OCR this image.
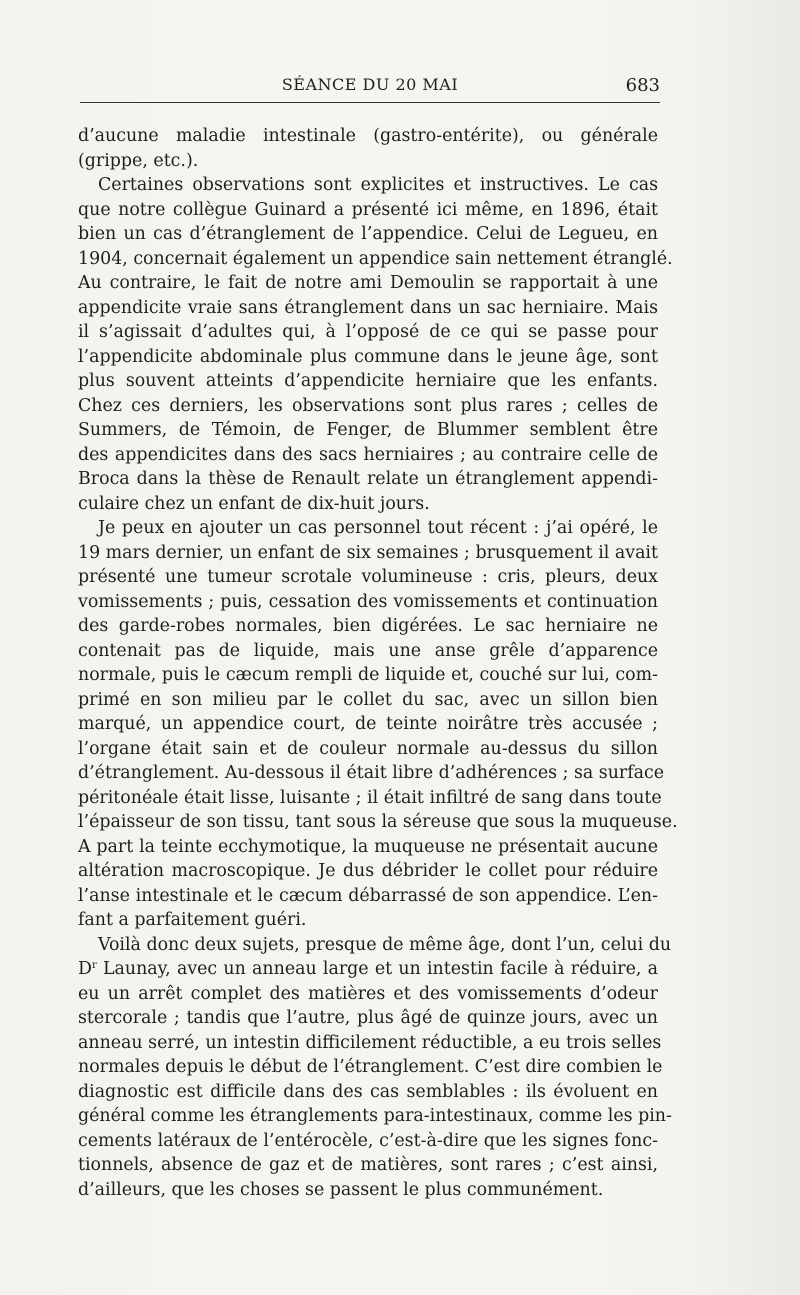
SÉANCE DU 20 MAI	683
d’aucune maladie intestinale (gastro-entérite), ou générale
(grippe, etc.).
Certaines observations sont explicites et instructives. Le cas
que notre collègue Guinard a présenté ici même, en 1896, était
bien un cas d’étranglement de l’appendice. Celui de Legueu, en
1904, concernait également un appendice sain nettement étranglé.
Au contraire, le fait de notre ami Demoulin se rapportait à une
appendicite vraie sans étranglement dans un sac herniaire. Mais
il s’agissait d’adultes qui, à l’opposé de ce qui se passe pour
l’appendicite abdominale plus commune dans le jeune âge, sont
plus souvent atteints d’appendicite herniaire que les enfants.
Chez ces derniers, les observations sont plus rares ; celles de
Summers, de Témoin, de Fenger, de Blummer semblent être
des appendicites dans des sacs herniaires ; au contraire celle de
Broca dans la thèse de Renault relate un étranglement appendi-
culaire chez un enfant de dix-huit jours.
Je peux en ajouter un cas personnel tout récent : j’ai opéré, le
19 mars dernier, un enfant de six semaines ; brusquement il avait
présenté une tumeur scrotale volumineuse : cris, pleurs, deux
vomissements ; puis, cessation des vomissements et continuation
des garde-robes normales, bien digérées. Le sac herniaire ne
contenait pas de liquide, mais une anse grêle d’apparence
normale, puis le cæcum rempli de liquide et, couché sur lui, com-
primé en son milieu par le collet du sac, avec un sillon bien
marqué, un appendice court, de teinte noirâtre très accusée ;
l’organe était sain et de couleur normale au-dessus du sillon
d’étranglement. Au-dessous il était libre d’adhérences ; sa surface
péritonéale était lisse, luisante ; il était infiltré de sang dans toute
l’épaisseur de son tissu, tant sous la séreuse que sous la muqueuse.
A part la teinte ecchymotique, la muqueuse ne présentait aucune
altération macroscopique. Je dus débrider le collet pour réduire
l’anse intestinale et le cæcum débarrassé de son appendice. L’en-
fant a parfaitement guéri.
Voilà donc deux sujets, presque de même âge, dont l’un, celui du
$D^r$ Launay, avec un anneau large et un intestin facile à réduire, a
eu un arrêt complet des matières et des vomissements d’odeur
stercorale ; tandis que l’autre, plus âgé de quinze jours, avec un
anneau serré, un intestin difficilement réductible, a eu trois selles
normales depuis le début de l’étranglement. C’est dire combien le
diagnostic est difficile dans des cas semblables : ils évoluent en
général comme les étranglements para-intestinaux, comme les pin-
cements latéraux de l’entérocèle, c’est-à-dire que les signes fonc-
tionnels, absence de gaz et de matières, sont rares ; c’est ainsi,
d’ailleurs, que les choses se passent le plus communément.
